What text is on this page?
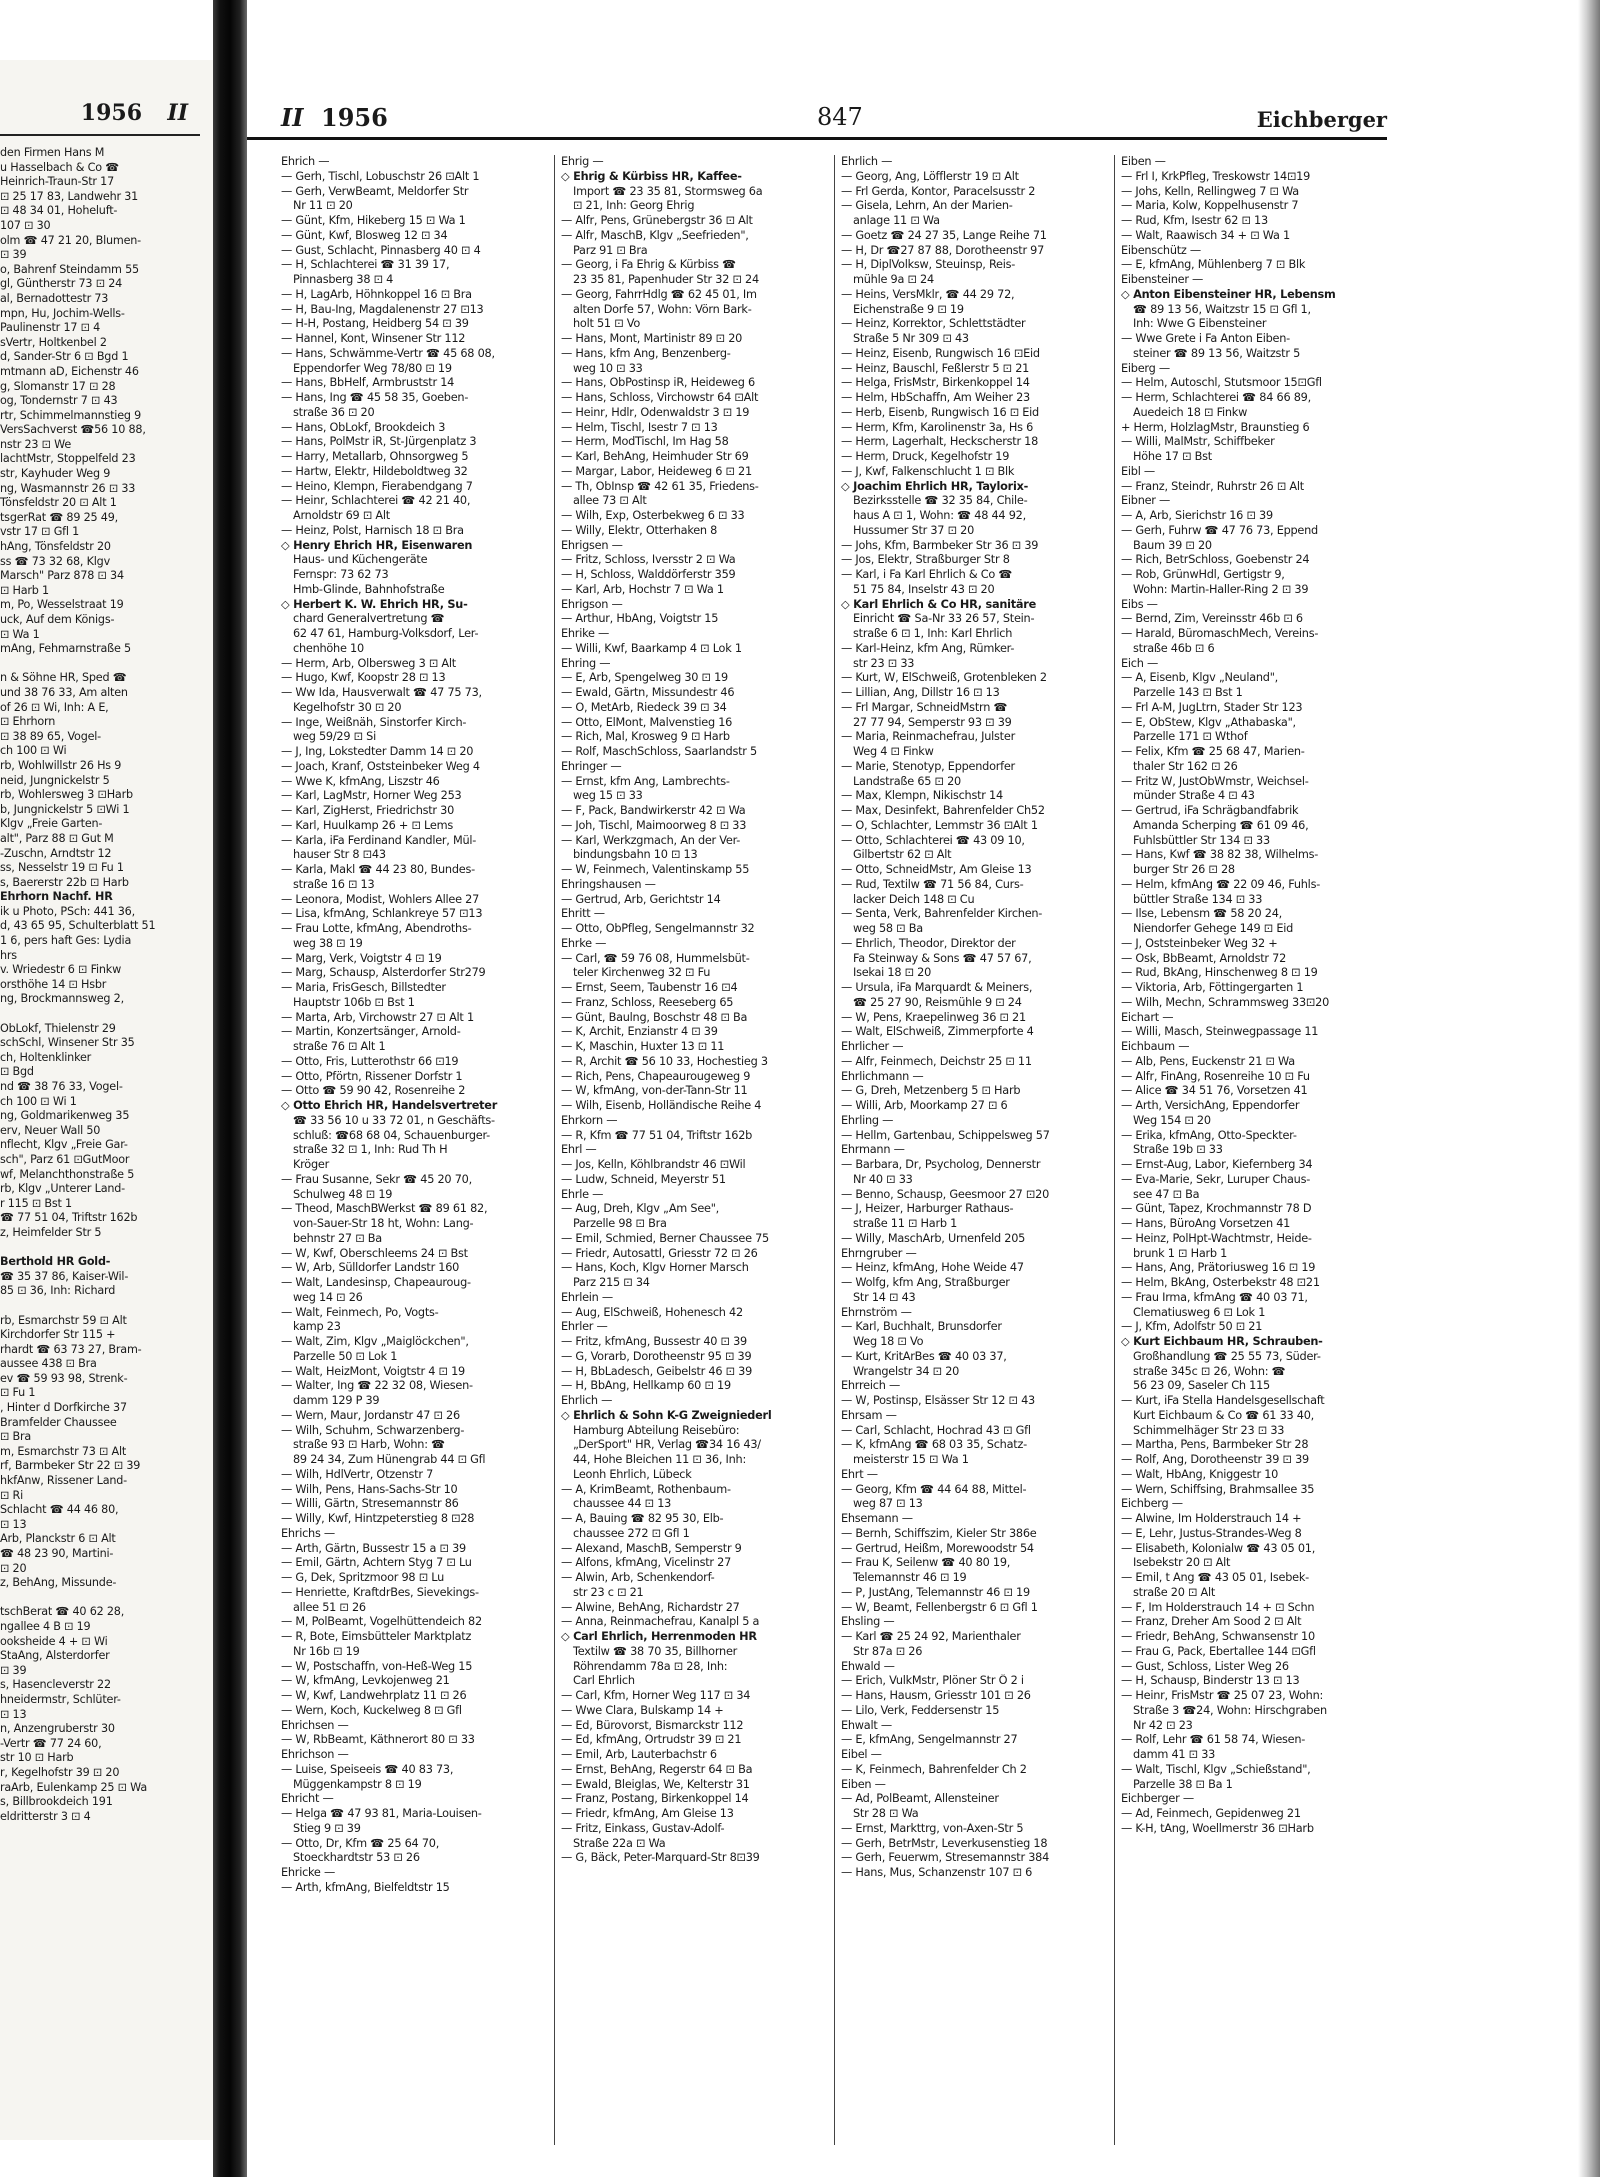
1956 II
den Firmen Hans M
u Hasselbach & Co ☎
Heinrich-Traun-Str 17
⊡ 25 17 83, Landwehr 31
⊡ 48 34 01, Hoheluft-
107 ⊡ 30
olm ☎ 47 21 20, Blumen-
⊡ 39
o, Bahrenf Steindamm 55
gl, Güntherstr 73 ⊡ 24
al, Bernadottestr 73
mpn, Hu, Jochim-Wells-
Paulinenstr 17 ⊡ 4
sVertr, Holtkenbel 2
d, Sander-Str 6 ⊡ Bgd 1
mtmann aD, Eichenstr 46
g, Slomanstr 17 ⊡ 28
og, Tondernstr 7 ⊡ 43
rtr, Schimmelmannstieg 9
VersSachverst ☎56 10 88,
nstr 23 ⊡ We
lachtMstr, Stoppelfeld 23
str, Kayhuder Weg 9
ng, Wasmannstr 26 ⊡ 33
Tönsfeldstr 20 ⊡ Alt 1
tsgerRat ☎ 89 25 49,
vstr 17 ⊡ Gfl 1
hAng, Tönsfeldstr 20
ss ☎ 73 32 68, Klgv
Marsch" Parz 878 ⊡ 34
⊡ Harb 1
m, Po, Wesselstraat 19
uck, Auf dem Königs-
⊡ Wa 1
mAng, Fehmarnstraße 5
n & Söhne HR, Sped ☎
und 38 76 33, Am alten
of 26 ⊡ Wi, Inh: A E,
⊡ Ehrhorn
⊡ 38 89 65, Vogel-
ch 100 ⊡ Wi
rb, Wohlwillstr 26 Hs 9
neid, Jungnickelstr 5
rb, Wohlersweg 3 ⊡Harb
b, Jungnickelstr 5 ⊡Wi 1
Klgv „Freie Garten-
alt", Parz 88 ⊡ Gut M
-Zuschn, Arndtstr 12
ss, Nesselstr 19 ⊡ Fu 1
s, Baererstr 22b ⊡ Harb
Ehrhorn Nachf. HR
ik u Photo, PSch: 441 36,
d, 43 65 95, Schulterblatt 51
1 6, pers haft Ges: Lydia
hrs
v. Wriedestr 6 ⊡ Finkw
orsthöhe 14 ⊡ Hsbr
ng, Brockmannsweg 2,
ObLokf, Thielenstr 29
schSchl, Winsener Str 35
ch, Holtenklinker
⊡ Bgd
nd ☎ 38 76 33, Vogel-
ch 100 ⊡ Wi 1
ng, Goldmarikenweg 35
erv, Neuer Wall 50
nflecht, Klgv „Freie Gar-
sch", Parz 61 ⊡GutMoor
wf, Melanchthonstraße 5
rb, Klgv „Unterer Land-
r 115 ⊡ Bst 1
☎ 77 51 04, Triftstr 162b
z, Heimfelder Str 5
Berthold HR Gold-
☎ 35 37 86, Kaiser-Wil-
85 ⊡ 36, Inh: Richard
rb, Esmarchstr 59 ⊡ Alt
Kirchdorfer Str 115 +
rhardt ☎ 63 73 27, Bram-
aussee 438 ⊡ Bra
ev ☎ 59 93 98, Strenk-
⊡ Fu 1
, Hinter d Dorfkirche 37
Bramfelder Chaussee
⊡ Bra
m, Esmarchstr 73 ⊡ Alt
rf, Barmbeker Str 22 ⊡ 39
hkfAnw, Rissener Land-
⊡ Ri
Schlacht ☎ 44 46 80,
⊡ 13
Arb, Planckstr 6 ⊡ Alt
☎ 48 23 90, Martini-
⊡ 20
z, BehAng, Missunde-
tschBerat ☎ 40 62 28,
ngallee 4 B ⊡ 19
ooksheide 4 + ⊡ Wi
StaAng, Alsterdorfer
⊡ 39
s, Hasencleverstr 22
hneidermstr, Schlüter-
⊡ 13
n, Anzengruberstr 30
-Vertr ☎ 77 24 60,
str 10 ⊡ Harb
r, Kegelhofstr 39 ⊡ 20
raArb, Eulenkamp 25 ⊡ Wa
s, Billbrookdeich 191
eldritterstr 3 ⊡ 4
II 1956	847	Eichberger
Ehrich —
— Gerh, Tischl, Lobuschstr 26 ⊡Alt 1
— Gerh, VerwBeamt, Meldorfer Str
Nr 11 ⊡ 20
— Günt, Kfm, Hikeberg 15 ⊡ Wa 1
— Günt, Kwf, Blosweg 12 ⊡ 34
— Gust, Schlacht, Pinnasberg 40 ⊡ 4
— H, Schlachterei ☎ 31 39 17,
Pinnasberg 38 ⊡ 4
— H, LagArb, Höhnkoppel 16 ⊡ Bra
— H, Bau-Ing, Magdalenenstr 27 ⊡13
— H-H, Postang, Heidberg 54 ⊡ 39
— Hannel, Kont, Winsener Str 112
— Hans, Schwämme-Vertr ☎ 45 68 08,
Eppendorfer Weg 78/80 ⊡ 19
— Hans, BbHelf, Armbruststr 14
— Hans, Ing ☎ 45 58 35, Goeben-
straße 36 ⊡ 20
— Hans, ObLokf, Brookdeich 3
— Hans, PolMstr iR, St-Jürgenplatz 3
— Harry, Metallarb, Ohnsorgweg 5
— Hartw, Elektr, Hildeboldtweg 32
— Heino, Klempn, Fierabendgang 7
— Heinr, Schlachterei ☎ 42 21 40,
Arnoldstr 69 ⊡ Alt
— Heinz, Polst, Harnisch 18 ⊡ Bra
◇ Henry Ehrich HR, Eisenwaren
Haus- und Küchengeräte
Fernspr: 73 62 73
Hmb-Glinde, Bahnhofstraße
◇ Herbert K. W. Ehrich HR, Su-
chard Generalvertretung ☎
62 47 61, Hamburg-Volksdorf, Ler-
chenhöhe 10
— Herm, Arb, Olbersweg 3 ⊡ Alt
— Hugo, Kwf, Koopstr 28 ⊡ 13
— Ww Ida, Hausverwalt ☎ 47 75 73,
Kegelhofstr 30 ⊡ 20
— Inge, Weißnäh, Sinstorfer Kirch-
weg 59/29 ⊡ Si
— J, Ing, Lokstedter Damm 14 ⊡ 20
— Joach, Kranf, Oststeinbeker Weg 4
— Wwe K, kfmAng, Liszstr 46
— Karl, LagMstr, Horner Weg 253
— Karl, ZigHerst, Friedrichstr 30
— Karl, Huulkamp 26 + ⊡ Lems
— Karla, iFa Ferdinand Kandler, Mül-
hauser Str 8 ⊡43
— Karla, Makl ☎ 44 23 80, Bundes-
straße 16 ⊡ 13
— Leonora, Modist, Wohlers Allee 27
— Lisa, kfmAng, Schlankreye 57 ⊡13
— Frau Lotte, kfmAng, Abendroths-
weg 38 ⊡ 19
— Marg, Verk, Voigtstr 4 ⊡ 19
— Marg, Schausp, Alsterdorfer Str279
— Maria, FrisGesch, Billstedter
Hauptstr 106b ⊡ Bst 1
— Marta, Arb, Virchowstr 27 ⊡ Alt 1
— Martin, Konzertsänger, Arnold-
straße 76 ⊡ Alt 1
— Otto, Fris, Lutterothstr 66 ⊡19
— Otto, Pförtn, Rissener Dorfstr 1
— Otto ☎ 59 90 42, Rosenreihe 2
◇ Otto Ehrich HR, Handelsvertreter
☎ 33 56 10 u 33 72 01, n Geschäfts-
schluß: ☎68 68 04, Schauenburger-
straße 32 ⊡ 1, Inh: Rud Th H
Kröger
— Frau Susanne, Sekr ☎ 45 20 70,
Schulweg 48 ⊡ 19
— Theod, MaschBWerkst ☎ 89 61 82,
von-Sauer-Str 18 ht, Wohn: Lang-
behnstr 27 ⊡ Ba
— W, Kwf, Oberschleems 24 ⊡ Bst
— W, Arb, Sülldorfer Landstr 160
— Walt, Landesinsp, Chapeauroug-
weg 14 ⊡ 26
— Walt, Feinmech, Po, Vogts-
kamp 23
— Walt, Zim, Klgv „Maiglöckchen",
Parzelle 50 ⊡ Lok 1
— Walt, HeizMont, Voigtstr 4 ⊡ 19
— Walter, Ing ☎ 22 32 08, Wiesen-
damm 129 P 39
— Wern, Maur, Jordanstr 47 ⊡ 26
— Wilh, Schuhm, Schwarzenberg-
straße 93 ⊡ Harb, Wohn: ☎
89 24 34, Zum Hünengrab 44 ⊡ Gfl
— Wilh, HdlVertr, Otzenstr 7
— Wilh, Pens, Hans-Sachs-Str 10
— Willi, Gärtn, Stresemannstr 86
— Willy, Kwf, Hintzpeterstieg 8 ⊡28
Ehrichs —
— Arth, Gärtn, Bussestr 15 a ⊡ 39
— Emil, Gärtn, Achtern Styg 7 ⊡ Lu
— G, Dek, Spritzmoor 98 ⊡ Lu
— Henriette, KraftdrBes, Sievekings-
allee 51 ⊡ 26
— M, PolBeamt, Vogelhüttendeich 82
— R, Bote, Eimsbütteler Marktplatz
Nr 16b ⊡ 19
— W, Postschaffn, von-Heß-Weg 15
— W, kfmAng, Levkojenweg 21
— W, Kwf, Landwehrplatz 11 ⊡ 26
— Wern, Koch, Kuckelweg 8 ⊡ Gfl
Ehrichsen —
— W, RbBeamt, Käthnerort 80 ⊡ 33
Ehrichson —
— Luise, Speiseeis ☎ 40 83 73,
Müggenkampstr 8 ⊡ 19
Ehricht —
— Helga ☎ 47 93 81, Maria-Louisen-
Stieg 9 ⊡ 39
— Otto, Dr, Kfm ☎ 25 64 70,
Stoeckhardtstr 53 ⊡ 26
Ehricke —
— Arth, kfmAng, Bielfeldtstr 15
Ehrig —
◇ Ehrig & Kürbiss HR, Kaffee-
Import ☎ 23 35 81, Stormsweg 6a
⊡ 21, Inh: Georg Ehrig
— Alfr, Pens, Grünebergstr 36 ⊡ Alt
— Alfr, MaschB, Klgv „Seefrieden",
Parz 91 ⊡ Bra
— Georg, i Fa Ehrig & Kürbiss ☎
23 35 81, Papenhuder Str 32 ⊡ 24
— Georg, FahrrHdlg ☎ 62 45 01, Im
alten Dorfe 57, Wohn: Vörn Bark-
holt 51 ⊡ Vo
— Hans, Mont, Martinistr 89 ⊡ 20
— Hans, kfm Ang, Benzenberg-
weg 10 ⊡ 33
— Hans, ObPostinsp iR, Heideweg 6
— Hans, Schloss, Virchowstr 64 ⊡Alt
— Heinr, Hdlr, Odenwaldstr 3 ⊡ 19
— Helm, Tischl, Isestr 7 ⊡ 13
— Herm, ModTischl, Im Hag 58
— Karl, BehAng, Heimhuder Str 69
— Margar, Labor, Heideweg 6 ⊡ 21
— Th, ObInsp ☎ 42 61 35, Friedens-
allee 73 ⊡ Alt
— Wilh, Exp, Osterbekweg 6 ⊡ 33
— Willy, Elektr, Otterhaken 8
Ehrigsen —
— Fritz, Schloss, Iversstr 2 ⊡ Wa
— H, Schloss, Walddörferstr 359
— Karl, Arb, Hochstr 7 ⊡ Wa 1
Ehrigson —
— Arthur, HbAng, Voigtstr 15
Ehrike —
— Willi, Kwf, Baarkamp 4 ⊡ Lok 1
Ehring —
— E, Arb, Spengelweg 30 ⊡ 19
— Ewald, Gärtn, Missundestr 46
— O, MetArb, Riedeck 39 ⊡ 34
— Otto, ElMont, Malvenstieg 16
— Rich, Mal, Krosweg 9 ⊡ Harb
— Rolf, MaschSchloss, Saarlandstr 5
Ehringer —
— Ernst, kfm Ang, Lambrechts-
weg 15 ⊡ 33
— F, Pack, Bandwirkerstr 42 ⊡ Wa
— Joh, Tischl, Maimoorweg 8 ⊡ 33
— Karl, Werkzgmach, An der Ver-
bindungsbahn 10 ⊡ 13
— W, Feinmech, Valentinskamp 55
Ehringshausen —
— Gertrud, Arb, Gerichtstr 14
Ehritt —
— Otto, ObPfleg, Sengelmannstr 32
Ehrke —
— Carl, ☎ 59 76 08, Hummelsbüt-
teler Kirchenweg 32 ⊡ Fu
— Ernst, Seem, Taubenstr 16 ⊡4
— Franz, Schloss, Reeseberg 65
— Günt, Baulng, Boschstr 48 ⊡ Ba
— K, Archit, Enzianstr 4 ⊡ 39
— K, Maschin, Huxter 13 ⊡ 11
— R, Archit ☎ 56 10 33, Hochestieg 3
— Rich, Pens, Chapeaurougeweg 9
— W, kfmAng, von-der-Tann-Str 11
— Wilh, Eisenb, Holländische Reihe 4
Ehrkorn —
— R, Kfm ☎ 77 51 04, Triftstr 162b
Ehrl —
— Jos, Kelln, Köhlbrandstr 46 ⊡Wil
— Ludw, Schneid, Meyerstr 51
Ehrle —
— Aug, Dreh, Klgv „Am See",
Parzelle 98 ⊡ Bra
— Emil, Schmied, Berner Chaussee 75
— Friedr, Autosattl, Griesstr 72 ⊡ 26
— Hans, Koch, Klgv Horner Marsch
Parz 215 ⊡ 34
Ehrlein —
— Aug, ElSchweiß, Hohenesch 42
Ehrler —
— Fritz, kfmAng, Bussestr 40 ⊡ 39
— G, Vorarb, Dorotheenstr 95 ⊡ 39
— H, BbLadesch, Geibelstr 46 ⊡ 39
— H, BbAng, Hellkamp 60 ⊡ 19
Ehrlich —
◇ Ehrlich & Sohn K-G Zweigniederl
Hamburg Abteilung Reisebüro:
„DerSport" HR, Verlag ☎34 16 43/
44, Hohe Bleichen 11 ⊡ 36, Inh:
Leonh Ehrlich, Lübeck
— A, KrimBeamt, Rothenbaum-
chaussee 44 ⊡ 13
— A, Bauing ☎ 82 95 30, Elb-
chaussee 272 ⊡ Gfl 1
— Alexand, MaschB, Semperstr 9
— Alfons, kfmAng, Vicelinstr 27
— Alwin, Arb, Schenkendorf-
str 23 c ⊡ 21
— Alwine, BehAng, Richardstr 27
— Anna, Reinmachefrau, Kanalpl 5 a
◇ Carl Ehrlich, Herrenmoden HR
Textilw ☎ 38 70 35, Billhorner
Röhrendamm 78a ⊡ 28, Inh:
Carl Ehrlich
— Carl, Kfm, Horner Weg 117 ⊡ 34
— Wwe Clara, Bulskamp 14 +
— Ed, Bürovorst, Bismarckstr 112
— Ed, kfmAng, Ortrudstr 39 ⊡ 21
— Emil, Arb, Lauterbachstr 6
— Ernst, BehAng, Regerstr 64 ⊡ Ba
— Ewald, Bleiglas, We, Kelterstr 31
— Franz, Postang, Birkenkoppel 14
— Friedr, kfmAng, Am Gleise 13
— Fritz, Einkass, Gustav-Adolf-
Straße 22a ⊡ Wa
— G, Bäck, Peter-Marquard-Str 8⊡39
Ehrlich —
— Georg, Ang, Löfflerstr 19 ⊡ Alt
— Frl Gerda, Kontor, Paracelsusstr 2
— Gisela, Lehrn, An der Marien-
anlage 11 ⊡ Wa
— Goetz ☎ 24 27 35, Lange Reihe 71
— H, Dr ☎27 87 88, Dorotheenstr 97
— H, DiplVolksw, Steuinsp, Reis-
mühle 9a ⊡ 24
— Heins, VersMklr, ☎ 44 29 72,
Eichenstraße 9 ⊡ 19
— Heinz, Korrektor, Schlettstädter
Straße 5 Nr 309 ⊡ 43
— Heinz, Eisenb, Rungwisch 16 ⊡Eid
— Heinz, Bauschl, Feßlerstr 5 ⊡ 21
— Helga, FrisMstr, Birkenkoppel 14
— Helm, HbSchaffn, Am Weiher 23
— Herb, Eisenb, Rungwisch 16 ⊡ Eid
— Herm, Kfm, Karolinenstr 3a, Hs 6
— Herm, Lagerhalt, Heckscherstr 18
— Herm, Druck, Kegelhofstr 19
— J, Kwf, Falkenschlucht 1 ⊡ Blk
◇ Joachim Ehrlich HR, Taylorix-
Bezirksstelle ☎ 32 35 84, Chile-
haus A ⊡ 1, Wohn: ☎ 48 44 92,
Hussumer Str 37 ⊡ 20
— Johs, Kfm, Barmbeker Str 36 ⊡ 39
— Jos, Elektr, Straßburger Str 8
— Karl, i Fa Karl Ehrlich & Co ☎
51 75 84, Inselstr 43 ⊡ 20
◇ Karl Ehrlich & Co HR, sanitäre
Einricht ☎ Sa-Nr 33 26 57, Stein-
straße 6 ⊡ 1, Inh: Karl Ehrlich
— Karl-Heinz, kfm Ang, Rümker-
str 23 ⊡ 33
— Kurt, W, ElSchweiß, Grotenbleken 2
— Lillian, Ang, Dillstr 16 ⊡ 13
— Frl Margar, SchneidMstrn ☎
27 77 94, Semperstr 93 ⊡ 39
— Maria, Reinmachefrau, Julster
Weg 4 ⊡ Finkw
— Marie, Stenotyp, Eppendorfer
Landstraße 65 ⊡ 20
— Max, Klempn, Nikischstr 14
— Max, Desinfekt, Bahrenfelder Ch52
— O, Schlachter, Lemmstr 36 ⊡Alt 1
— Otto, Schlachterei ☎ 43 09 10,
Gilbertstr 62 ⊡ Alt
— Otto, SchneidMstr, Am Gleise 13
— Rud, Textilw ☎ 71 56 84, Curs-
lacker Deich 148 ⊡ Cu
— Senta, Verk, Bahrenfelder Kirchen-
weg 58 ⊡ Ba
— Ehrlich, Theodor, Direktor der
Fa Steinway & Sons ☎ 47 57 67,
Isekai 18 ⊡ 20
— Ursula, iFa Marquardt & Meiners,
☎ 25 27 90, Reismühle 9 ⊡ 24
— W, Pens, Kraepelinweg 36 ⊡ 21
— Walt, ElSchweiß, Zimmerpforte 4
Ehrlicher —
— Alfr, Feinmech, Deichstr 25 ⊡ 11
Ehrlichmann —
— G, Dreh, Metzenberg 5 ⊡ Harb
— Willi, Arb, Moorkamp 27 ⊡ 6
Ehrling —
— Hellm, Gartenbau, Schippelsweg 57
Ehrmann —
— Barbara, Dr, Psycholog, Dennerstr
Nr 40 ⊡ 33
— Benno, Schausp, Geesmoor 27 ⊡20
— J, Heizer, Harburger Rathaus-
straße 11 ⊡ Harb 1
— Willy, MaschArb, Urnenfeld 205
Ehrngruber —
— Heinz, kfmAng, Hohe Weide 47
— Wolfg, kfm Ang, Straßburger
Str 14 ⊡ 43
Ehrnström —
— Karl, Buchhalt, Brunsdorfer
Weg 18 ⊡ Vo
— Kurt, KritArBes ☎ 40 03 37,
Wrangelstr 34 ⊡ 20
Ehrreich —
— W, Postinsp, Elsässer Str 12 ⊡ 43
Ehrsam —
— Carl, Schlacht, Hochrad 43 ⊡ Gfl
— K, kfmAng ☎ 68 03 35, Schatz-
meisterstr 15 ⊡ Wa 1
Ehrt —
— Georg, Kfm ☎ 44 64 88, Mittel-
weg 87 ⊡ 13
Ehsemann —
— Bernh, Schiffszim, Kieler Str 386e
— Gertrud, Heißm, Morewoodstr 54
— Frau K, Seilenw ☎ 40 80 19,
Telemannstr 46 ⊡ 19
— P, JustAng, Telemannstr 46 ⊡ 19
— W, Beamt, Fellenbergstr 6 ⊡ Gfl 1
Ehsling —
— Karl ☎ 25 24 92, Marienthaler
Str 87a ⊡ 26
Ehwald —
— Erich, VulkMstr, Plöner Str Ö 2 i
— Hans, Hausm, Griesstr 101 ⊡ 26
— Lilo, Verk, Feddersenstr 15
Ehwalt —
— E, kfmAng, Sengelmannstr 27
Eibel —
— K, Feinmech, Bahrenfelder Ch 2
Eiben —
— Ad, PolBeamt, Allensteiner
Str 28 ⊡ Wa
— Ernst, Markttrg, von-Axen-Str 5
— Gerh, BetrMstr, Leverkusenstieg 18
— Gerh, Feuerwm, Stresemannstr 384
— Hans, Mus, Schanzenstr 107 ⊡ 6
Eiben —
— Frl I, KrkPfleg, Treskowstr 14⊡19
— Johs, Kelln, Rellingweg 7 ⊡ Wa
— Maria, Kolw, Koppelhusenstr 7
— Rud, Kfm, Isestr 62 ⊡ 13
— Walt, Raawisch 34 + ⊡ Wa 1
Eibenschütz —
— E, kfmAng, Mühlenberg 7 ⊡ Blk
Eibensteiner —
◇ Anton Eibensteiner HR, Lebensm
☎ 89 13 56, Waitzstr 15 ⊡ Gfl 1,
Inh: Wwe G Eibensteiner
— Wwe Grete i Fa Anton Eiben-
steiner ☎ 89 13 56, Waitzstr 5
Eiberg —
— Helm, Autoschl, Stutsmoor 15⊡Gfl
— Herm, Schlachterei ☎ 84 66 89,
Auedeich 18 ⊡ Finkw
+ Herm, HolzlagMstr, Braunstieg 6
— Willi, MalMstr, Schiffbeker
Höhe 17 ⊡ Bst
Eibl —
— Franz, Steindr, Ruhrstr 26 ⊡ Alt
Eibner —
— A, Arb, Sierichstr 16 ⊡ 39
— Gerh, Fuhrw ☎ 47 76 73, Eppend
Baum 39 ⊡ 20
— Rich, BetrSchloss, Goebenstr 24
— Rob, GrünwHdl, Gertigstr 9,
Wohn: Martin-Haller-Ring 2 ⊡ 39
Eibs —
— Bernd, Zim, Vereinsstr 46b ⊡ 6
— Harald, BüromaschMech, Vereins-
straße 46b ⊡ 6
Eich —
— A, Eisenb, Klgv „Neuland",
Parzelle 143 ⊡ Bst 1
— Frl A-M, JugLtrn, Stader Str 123
— E, ObStew, Klgv „Athabaska",
Parzelle 171 ⊡ Wthof
— Felix, Kfm ☎ 25 68 47, Marien-
thaler Str 162 ⊡ 26
— Fritz W, JustObWmstr, Weichsel-
münder Straße 4 ⊡ 43
— Gertrud, iFa Schrägbandfabrik
Amanda Scherping ☎ 61 09 46,
Fuhlsbüttler Str 134 ⊡ 33
— Hans, Kwf ☎ 38 82 38, Wilhelms-
burger Str 26 ⊡ 28
— Helm, kfmAng ☎ 22 09 46, Fuhls-
büttler Straße 134 ⊡ 33
— Ilse, Lebensm ☎ 58 20 24,
Niendorfer Gehege 149 ⊡ Eid
— J, Oststeinbeker Weg 32 +
— Osk, BbBeamt, Arnoldstr 72
— Rud, BkAng, Hinschenweg 8 ⊡ 19
— Viktoria, Arb, Föttingergarten 1
— Wilh, Mechn, Schrammsweg 33⊡20
Eichart —
— Willi, Masch, Steinwegpassage 11
Eichbaum —
— Alb, Pens, Euckenstr 21 ⊡ Wa
— Alfr, FinAng, Rosenreihe 10 ⊡ Fu
— Alice ☎ 34 51 76, Vorsetzen 41
— Arth, VersichAng, Eppendorfer
Weg 154 ⊡ 20
— Erika, kfmAng, Otto-Speckter-
Straße 19b ⊡ 33
— Ernst-Aug, Labor, Kiefernberg 34
— Eva-Marie, Sekr, Luruper Chaus-
see 47 ⊡ Ba
— Günt, Tapez, Krochmannstr 78 D
— Hans, BüroAng Vorsetzen 41
— Heinz, PolHpt-Wachtmstr, Heide-
brunk 1 ⊡ Harb 1
— Hans, Ang, Prätoriusweg 16 ⊡ 19
— Helm, BkAng, Osterbekstr 48 ⊡21
— Frau Irma, kfmAng ☎ 40 03 71,
Clematiusweg 6 ⊡ Lok 1
— J, Kfm, Adolfstr 50 ⊡ 21
◇ Kurt Eichbaum HR, Schrauben-
Großhandlung ☎ 25 55 73, Süder-
straße 345c ⊡ 26, Wohn: ☎
56 23 09, Saseler Ch 115
— Kurt, iFa Stella Handelsgesellschaft
Kurt Eichbaum & Co ☎ 61 33 40,
Schimmelhäger Str 23 ⊡ 33
— Martha, Pens, Barmbeker Str 28
— Rolf, Ang, Dorotheenstr 39 ⊡ 39
— Walt, HbAng, Kniggestr 10
— Wern, Schiffsing, Brahmsallee 35
Eichberg —
— Alwine, Im Holderstrauch 14 +
— E, Lehr, Justus-Strandes-Weg 8
— Elisabeth, Kolonialw ☎ 43 05 01,
Isebekstr 20 ⊡ Alt
— Emil, t Ang ☎ 43 05 01, Isebek-
straße 20 ⊡ Alt
— F, Im Holderstrauch 14 + ⊡ Schn
— Franz, Dreher Am Sood 2 ⊡ Alt
— Friedr, BehAng, Schwansenstr 10
— Frau G, Pack, Ebertallee 144 ⊡Gfl
— Gust, Schloss, Lister Weg 26
— H, Schausp, Binderstr 13 ⊡ 13
— Heinr, FrisMstr ☎ 25 07 23, Wohn:
Straße 3 ☎24, Wohn: Hirschgraben
Nr 42 ⊡ 23
— Rolf, Lehr ☎ 61 58 74, Wiesen-
damm 41 ⊡ 33
— Walt, Tischl, Klgv „Schießstand",
Parzelle 38 ⊡ Ba 1
Eichberger —
— Ad, Feinmech, Gepidenweg 21
— K-H, tAng, Woellmerstr 36 ⊡Harb
